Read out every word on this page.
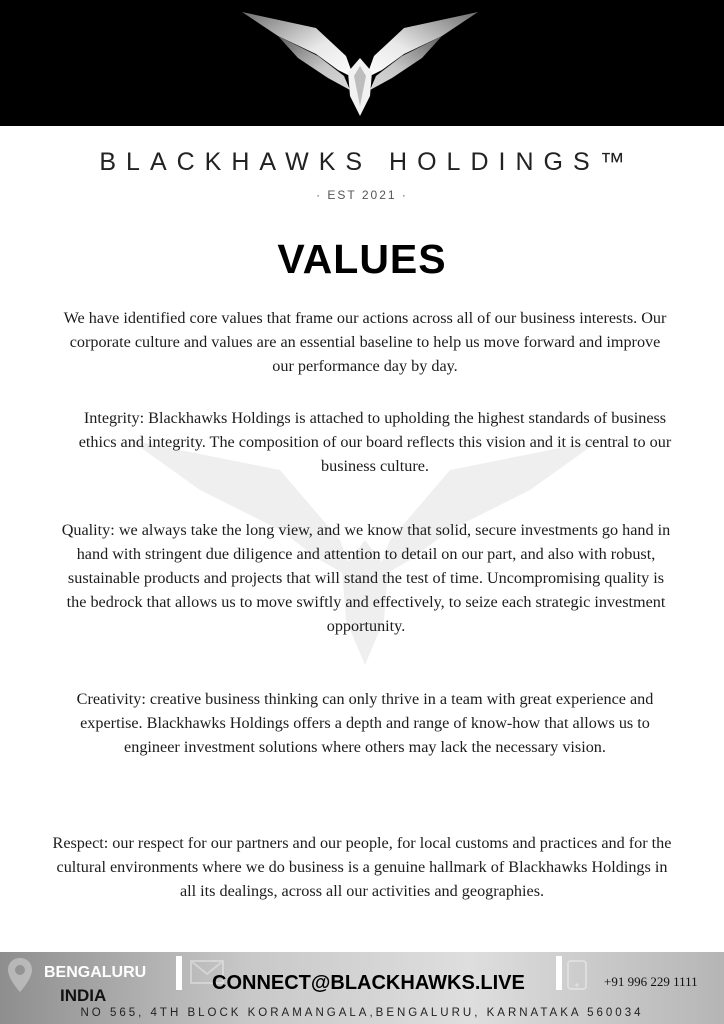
BLACKHAWKS HOLDINGS™
· EST 2021 ·
VALUES
We have identified core values that frame our actions across all of our business interests. Our corporate culture and values are an essential baseline to help us move forward and improve our performance day by day.
Integrity: Blackhawks Holdings is attached to upholding the highest standards of business ethics and integrity. The composition of our board reflects this vision and it is central to our business culture.
Quality: we always take the long view, and we know that solid, secure investments go hand in hand with stringent due diligence and attention to detail on our part, and also with robust, sustainable products and projects that will stand the test of time. Uncompromising quality is the bedrock that allows us to move swiftly and effectively, to seize each strategic investment opportunity.
Creativity: creative business thinking can only thrive in a team with great experience and expertise. Blackhawks Holdings offers a depth and range of know-how that allows us to engineer investment solutions where others may lack the necessary vision.
Respect: our respect for our partners and our people, for local customs and practices and for the cultural environments where we do business is a genuine hallmark of Blackhawks Holdings in all its dealings, across all our activities and geographies.
BENGALURU
INDIA
CONNECT@BLACKHAWKS.LIVE	+91 996 229 1111
NO 565, 4TH BLOCK KORAMANGALA,BENGALURU, KARNATAKA 560034
